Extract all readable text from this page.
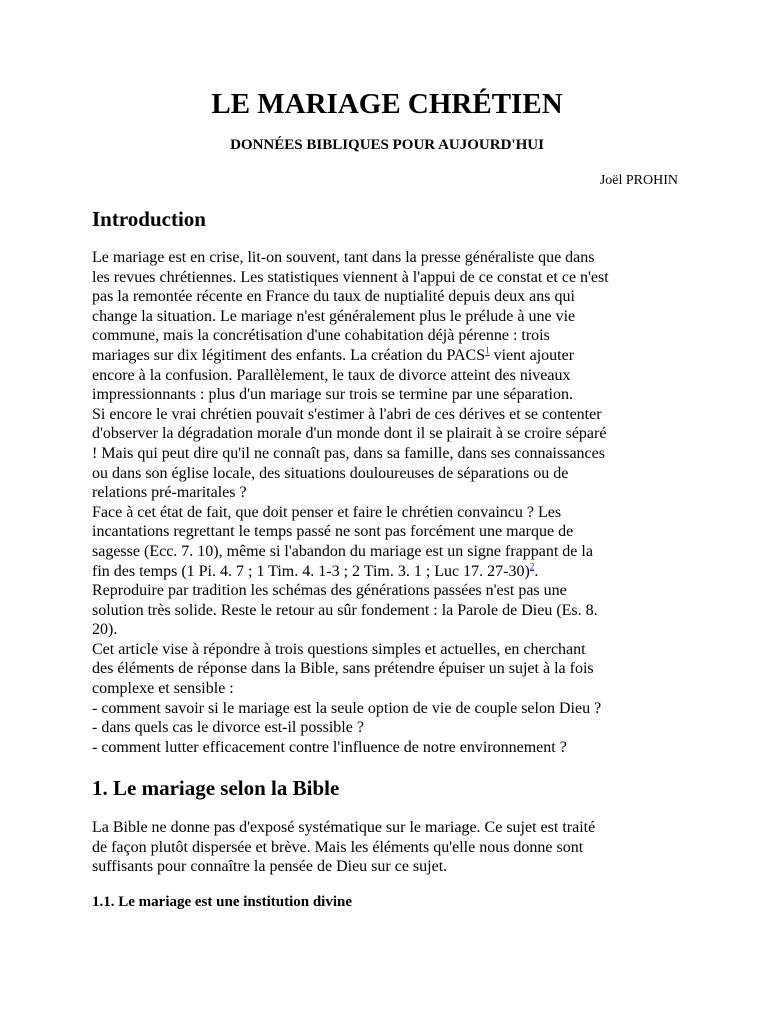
LE MARIAGE CHRÉTIEN

DONNÉES BIBLIQUES POUR AUJOURD'HUI

Joël PROHIN

Introduction
Le mariage est en crise, lit-on souvent, tant dans la presse généraliste que dans
les revues chrétiennes. Les statistiques viennent à l'appui de ce constat et ce n'est
pas la remontée récente en France du taux de nuptialité depuis deux ans qui
change la situation. Le mariage n'est généralement plus le prélude à une vie
commune, mais la concrétisation d'une cohabitation déjà pérenne : trois
mariages sur dix légitiment des enfants. La création du PACS$^1$ vient ajouter
encore à la confusion. Parallèlement, le taux de divorce atteint des niveaux
impressionnants : plus d'un mariage sur trois se termine par une séparation.
Si encore le vrai chrétien pouvait s'estimer à l'abri de ces dérives et se contenter
d'observer la dégradation morale d'un monde dont il se plairait à se croire séparé
! Mais qui peut dire qu'il ne connaît pas, dans sa famille, dans ses connaissances
ou dans son église locale, des situations douloureuses de séparations ou de
relations pré-maritales ?
Face à cet état de fait, que doit penser et faire le chrétien convaincu ? Les
incantations regrettant le temps passé ne sont pas forcément une marque de
sagesse (Ecc. 7. 10), même si l'abandon du mariage est un signe frappant de la
fin des temps (1 Pi. 4. 7 ; 1 Tim. 4. 1-3 ; 2 Tim. 3. 1 ; Luc 17. 27-30)$^2$.
Reproduire par tradition les schémas des générations passées n'est pas une
solution très solide. Reste le retour au sûr fondement : la Parole de Dieu (Es. 8.
20).
Cet article vise à répondre à trois questions simples et actuelles, en cherchant
des éléments de réponse dans la Bible, sans prétendre épuiser un sujet à la fois
complexe et sensible :
- comment savoir si le mariage est la seule option de vie de couple selon Dieu ?
- dans quels cas le divorce est-il possible ?
- comment lutter efficacement contre l'influence de notre environnement ?
1. Le mariage selon la Bible
La Bible ne donne pas d'exposé systématique sur le mariage. Ce sujet est traité
de façon plutôt dispersée et brève. Mais les éléments qu'elle nous donne sont
suffisants pour connaître la pensée de Dieu sur ce sujet.
1.1. Le mariage est une institution divine
